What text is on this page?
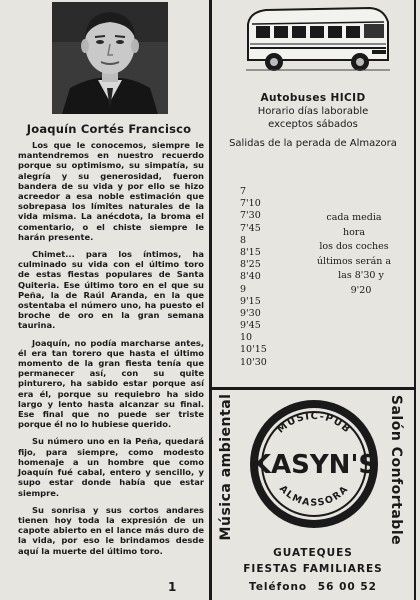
Joaquín Cortés Francisco

Los que le conocemos, siempre le mantendremos en nuestro recuerdo porque su optimismo, su simpatía, su alegría y su generosidad, fueron bandera de su vida y por ello se hizo acreedor a esa noble estimación que sobrepasa los límites naturales de la vida misma. La anécdota, la broma el comentario, o el chiste siempre le harán presente.

Chimet... para los íntimos, ha culminado su vida con el último toro de estas fiestas populares de Santa Quiteria. Ese último toro en el que su Peña, la de Raúl Aranda, en la que ostentaba el número uno, ha puesto el broche de oro en la gran semana taurina.

Joaquín, no podía marcharse antes, él era tan torero que hasta el último momento de la gran fiesta tenía que permanecer así, con su quite pinturero, ha sabido estar porque así era él, porque su requiebro ha sido largo y lento hasta alcanzar su final. Ese final que no puede ser triste porque él no lo hubiese querido.

Su número uno en la Peña, quedará fijo, para siempre, como modesto homenaje a un hombre que como Joaquín fué cabal, entero y sencillo, y supo estar donde había que estar siempre.

Su sonrisa y sus cortos andares tienen hoy toda la expresión de un capote abierto en el lance más duro de la vida, por eso le brindamos desde aquí la muerte del último toro.

1
Autobuses HICID
Horario días laborable
exceptos sábados
Salidas de la perada de Almazora
7
7'10
7'30
7'45
8
8'15
8'25
8'40
9
9'15
9'30
9'45
10
10'15
10'30
cada media
hora
los dos coches
últimos serán a
las 8'30 y
9'20
Música ambiental	Salón Confortable
MUSIC-PUB
KASYN'S
ALMASSORA
GUATEQUES
FIESTAS FAMILIARES
Teléfono 56 00 52
